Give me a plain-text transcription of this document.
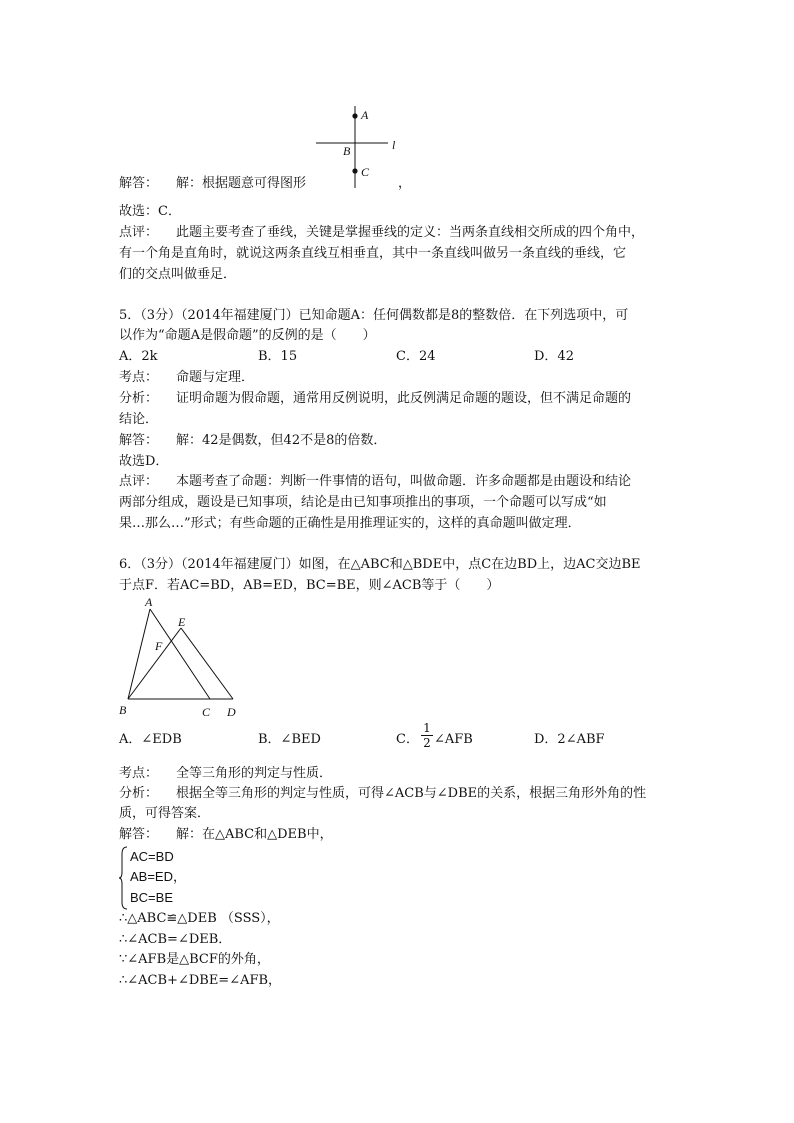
A
B
C
l
解答： 解：根据题意可得图形	，
故选：C．
点评： 此题主要考查了垂线，关键是掌握垂线的定义：当两条直线相交所成的四个角中，
有一个角是直角时，就说这两条直线互相垂直，其中一条直线叫做另一条直线的垂线，它
们的交点叫做垂足．
5．（3分）（2014年福建厦门）已知命题A：任何偶数都是8的整数倍．在下列选项中，可
以作为“命题A是假命题”的反例的是（　　）
A．2k	B．15	C．24	D．42
考点： 命题与定理．
分析： 证明命题为假命题，通常用反例说明，此反例满足命题的题设，但不满足命题的
结论．
解答： 解：42是偶数，但42不是8的倍数．
故选D．
点评： 本题考查了命题：判断一件事情的语句，叫做命题．许多命题都是由题设和结论
两部分组成，题设是已知事项，结论是由已知事项推出的事项，一个命题可以写成“如
果…那么…”形式；有些命题的正确性是用推理证实的，这样的真命题叫做定理．
6．（3分）（2014年福建厦门）如图，在△ABC和△BDE中，点C在边BD上，边AC交边BE
于点F．若AC=BD，AB=ED，BC=BE，则∠ACB等于（　　）
A
E
F
B	C D
A．∠EDB	B．∠BED	C． $\frac{1}{2}$ ∠AFB	D．2∠ABF
考点： 全等三角形的判定与性质．
分析： 根据全等三角形的判定与性质，可得∠ACB与∠DBE的关系，根据三角形外角的性
质，可得答案．
解答： 解：在△ABC和△DEB中，
AC=BD
AB=ED，
BC=BE
∴△ABC≌△DEB （SSS），
∴∠ACB=∠DEB．
∵∠AFB是△BCF的外角，
∴∠ACB+∠DBE=∠AFB，
